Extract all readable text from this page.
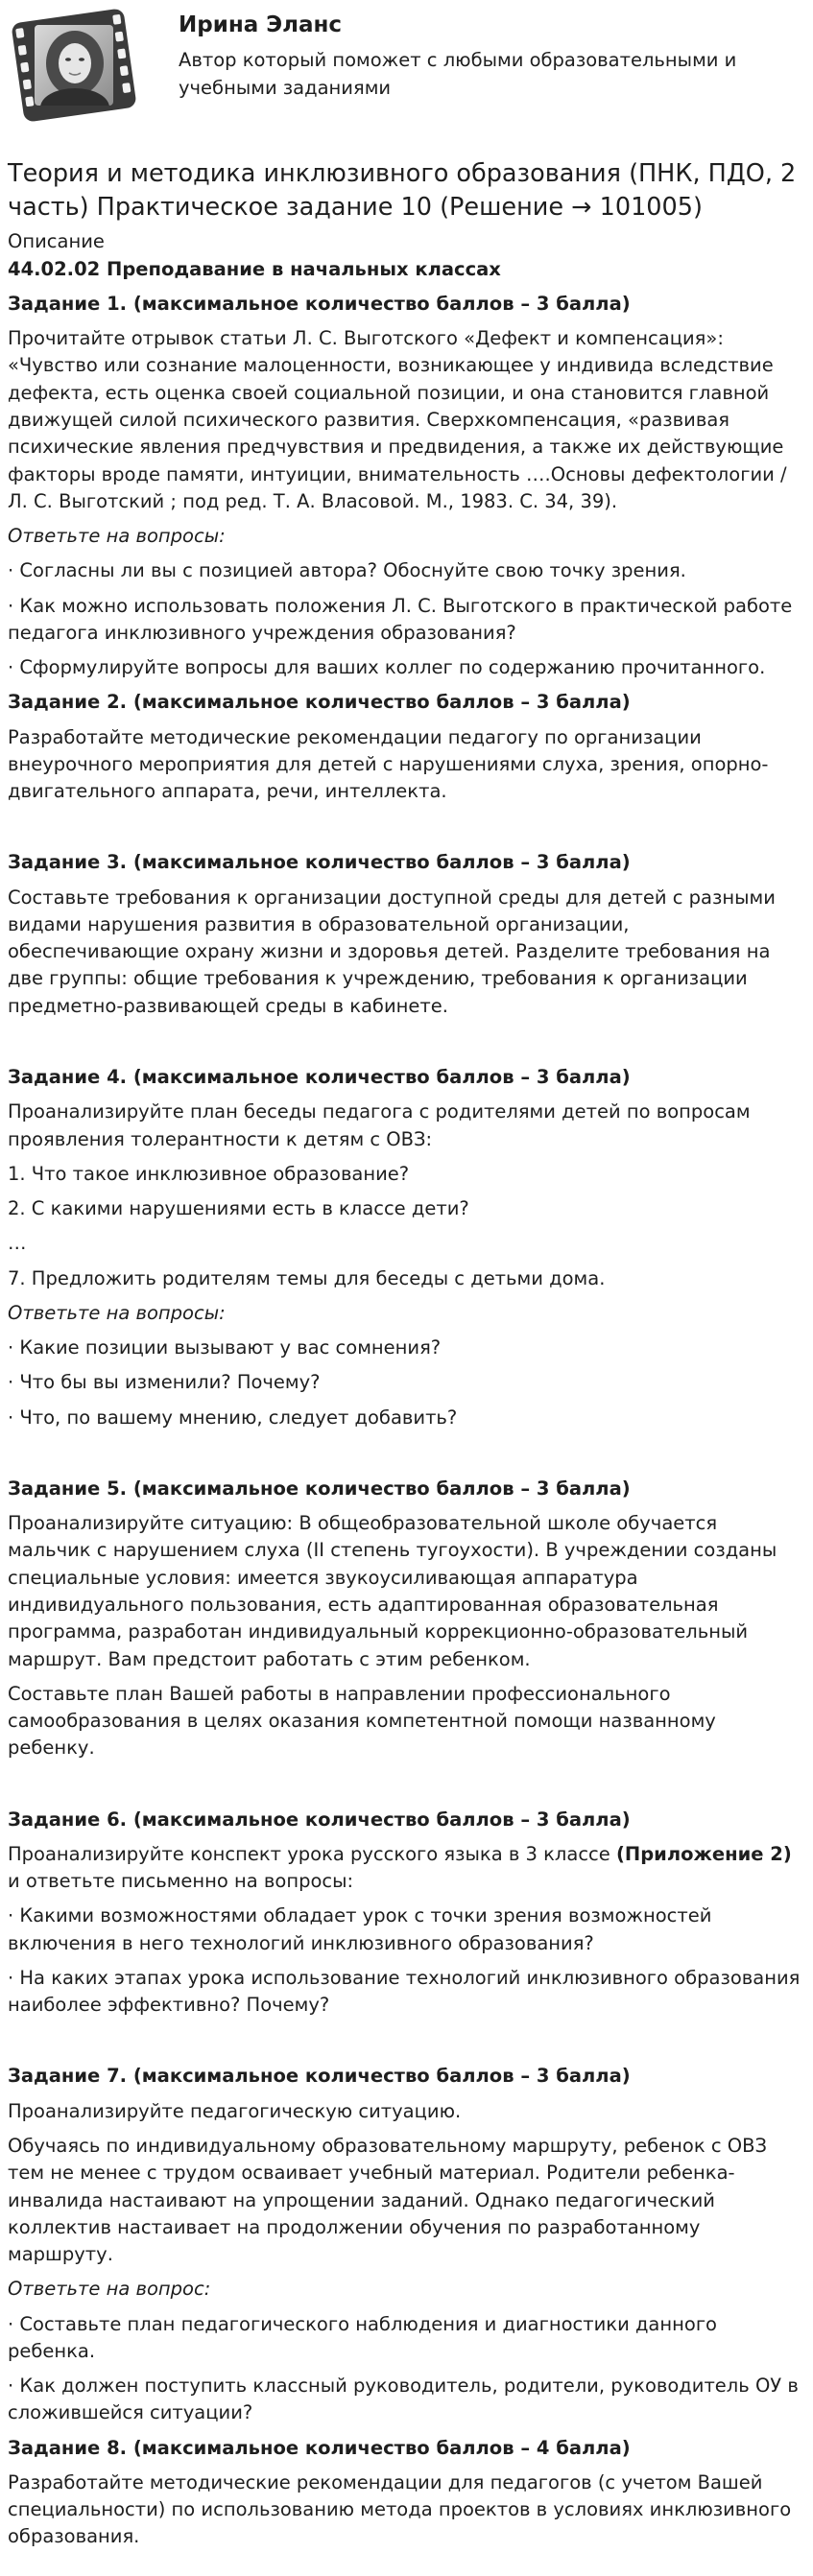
Ирина Эланс

Автор который поможет с любыми образовательными и учебными заданиями

Теория и методика инклюзивного образования (ПНК, ПДО, 2 часть) Практическое задание 10 (Решение → 101005)

Описание

44.02.02 Преподавание в начальных классах

Задание 1. (максимальное количество баллов – 3 балла)

Прочитайте отрывок статьи Л. С. Выготского «Дефект и компенсация»: «Чувство или сознание малоценности, возникающее у индивида вследствие дефекта, есть оценка своей социальной позиции, и она становится главной движущей силой психического развития. Сверхкомпенсация, «развивая психические явления предчувствия и предвидения, а также их действующие факторы вроде памяти, интуиции, внимательность ….Основы дефектологии / Л. С. Выготский ; под ред. Т. А. Власовой. М., 1983. С. 34, 39).

Ответьте на вопросы:

· Согласны ли вы с позицией автора? Обоснуйте свою точку зрения.

· Как можно использовать положения Л. С. Выготского в практической работе педагога инклюзивного учреждения образования?

· Сформулируйте вопросы для ваших коллег по содержанию прочитанного.

Задание 2. (максимальное количество баллов – 3 балла)

Разработайте методические рекомендации педагогу по организации внеурочного мероприятия для детей с нарушениями слуха, зрения, опорно-двигательного аппарата, речи, интеллекта.

Задание 3. (максимальное количество баллов – 3 балла)

Составьте требования к организации доступной среды для детей с разными видами нарушения развития в образовательной организации, обеспечивающие охрану жизни и здоровья детей. Разделите требования на две группы: общие требования к учреждению, требования к организации предметно-развивающей среды в кабинете.

Задание 4. (максимальное количество баллов – 3 балла)

Проанализируйте план беседы педагога с родителями детей по вопросам проявления толерантности к детям с ОВЗ:

1. Что такое инклюзивное образование?

2. С какими нарушениями есть в классе дети?

…

7. Предложить родителям темы для беседы с детьми дома.

Ответьте на вопросы:

· Какие позиции вызывают у вас сомнения?

· Что бы вы изменили? Почему?

· Что, по вашему мнению, следует добавить?

Задание 5. (максимальное количество баллов – 3 балла)

Проанализируйте ситуацию: В общеобразовательной школе обучается мальчик с нарушением слуха (II степень тугоухости). В учреждении созданы специальные условия: имеется звукоусиливающая аппаратура индивидуального пользования, есть адаптированная образовательная программа, разработан индивидуальный коррекционно-образовательный маршрут. Вам предстоит работать с этим ребенком.

Составьте план Вашей работы в направлении профессионального самообразования в целях оказания компетентной помощи названному ребенку.

Задание 6. (максимальное количество баллов – 3 балла)

Проанализируйте конспект урока русского языка в 3 классе (Приложение 2) и ответьте письменно на вопросы:

· Какими возможностями обладает урок с точки зрения возможностей включения в него технологий инклюзивного образования?

· На каких этапах урока использование технологий инклюзивного образования наиболее эффективно? Почему?

Задание 7. (максимальное количество баллов – 3 балла)

Проанализируйте педагогическую ситуацию.

Обучаясь по индивидуальному образовательному маршруту, ребенок с ОВЗ тем не менее с трудом осваивает учебный материал. Родители ребенка-инвалида настаивают на упрощении заданий. Однако педагогический коллектив настаивает на продолжении обучения по разработанному маршруту.

Ответьте на вопрос:

· Составьте план педагогического наблюдения и диагностики данного ребенка.

· Как должен поступить классный руководитель, родители, руководитель ОУ в сложившейся ситуации?

Задание 8. (максимальное количество баллов – 4 балла)

Разработайте методические рекомендации для педагогов (с учетом Вашей специальности) по использованию метода проектов в условиях инклюзивного образования.
